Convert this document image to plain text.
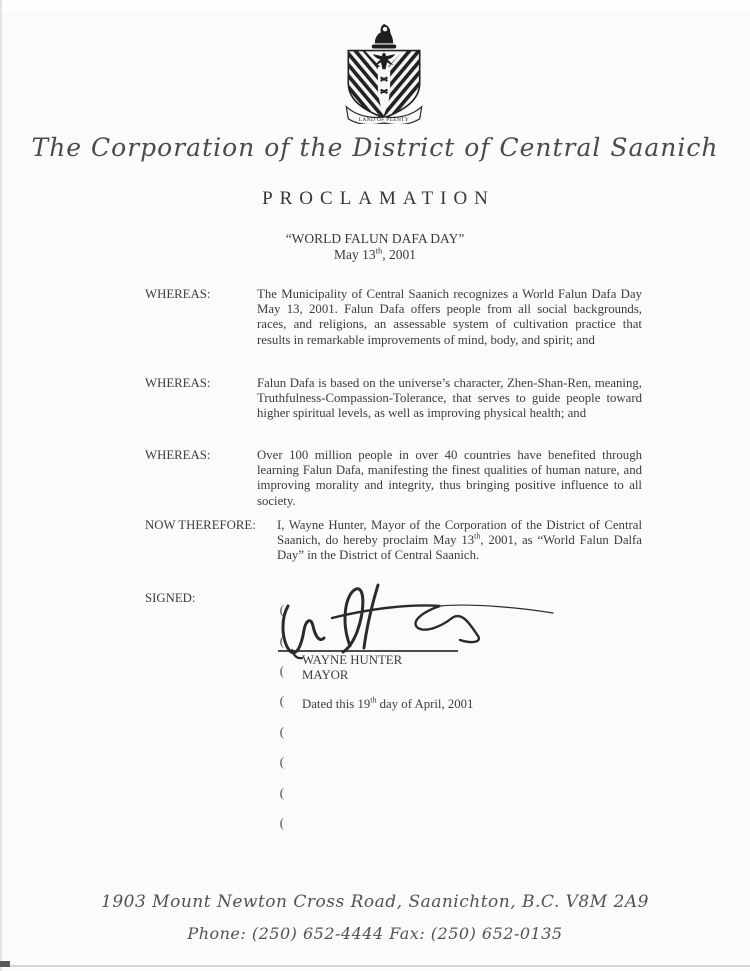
LAND OF PLENTY
The Corporation of the District of Central Saanich
PROCLAMATION
“WORLD FALUN DAFA DAY”
May 13th, 2001
WHEREAS:	The Municipality of Central Saanich recognizes a World Falun Dafa Day May 13, 2001. Falun Dafa offers people from all social backgrounds, races, and religions, an assessable system of cultivation practice that results in remarkable improvements of mind, body, and spirit; and
WHEREAS:	Falun Dafa is based on the universe’s character, Zhen-Shan-Ren, meaning, Truthfulness-Compassion-Tolerance, that serves to guide people toward higher spiritual levels, as well as improving physical health; and
WHEREAS:	Over 100 million people in over 40 countries have benefited through learning Falun Dafa, manifesting the finest qualities of human nature, and improving morality and integrity, thus bringing positive influence to all society.
NOW THEREFORE:	I, Wayne Hunter, Mayor of the Corporation of the District of Central Saanich, do hereby proclaim May 13th, 2001, as “World Falun Dalfa Day” in the District of Central Saanich.
SIGNED:

(

(

(

(

(

(

(

(

WAYNE HUNTER
MAYOR
Dated this 19th day of April, 2001
1903 Mount Newton Cross Road, Saanichton, B.C. V8M 2A9
Phone: (250) 652-4444 Fax: (250) 652-0135
